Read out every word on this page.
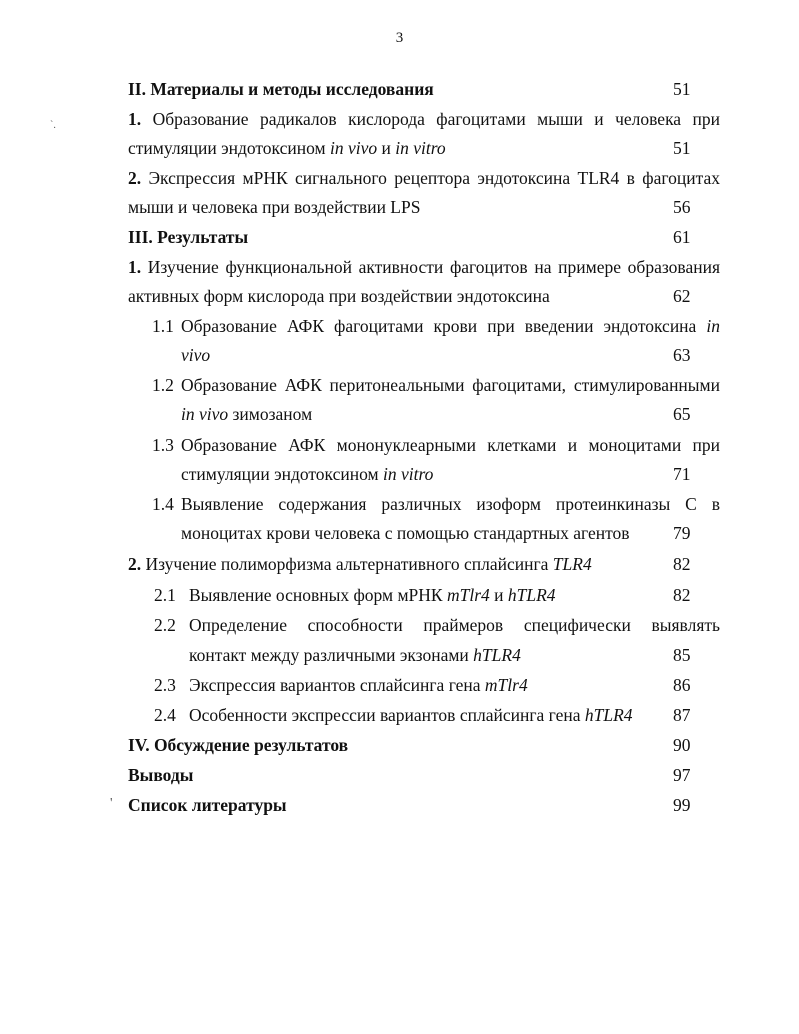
3
`.
'
II. Материалы и методы исследования	51
1. Образование радикалов кислорода фагоцитами мыши и человека при
стимуляции эндотоксином in vivo и in vitro	51
2. Экспрессия мРНК сигнального рецептора эндотоксина TLR4 в фагоцитах
мыши и человека при воздействии LPS	56
III. Результаты	61
1. Изучение функциональной активности фагоцитов на примере образования
активных форм кислорода при воздействии эндотоксина	62
1.1 Образование АФК фагоцитами крови при введении эндотоксина in
vivo	63
1.2 Образование АФК перитонеальными фагоцитами, стимулированными
in vivo зимозаном	65
1.3 Образование АФК мононуклеарными клетками и моноцитами при
стимуляции эндотоксином in vitro	71
1.4 Выявление содержания различных изоформ протеинкиназы С в
моноцитах крови человека с помощью стандартных агентов 79
2. Изучение полиморфизма альтернативного сплайсинга TLR4	82
2.1 Выявление основных форм мРНК mTlr4 и hTLR4	82
2.2 Определение способности праймеров специфически выявлять
контакт между различными экзонами hTLR4	85
2.3 Экспрессия вариантов сплайсинга гена mTlr4	86
2.4 Особенности экспрессии вариантов сплайсинга гена hTLR4 87
IV. Обсуждение результатов	90
Выводы	97
Список литературы	99
